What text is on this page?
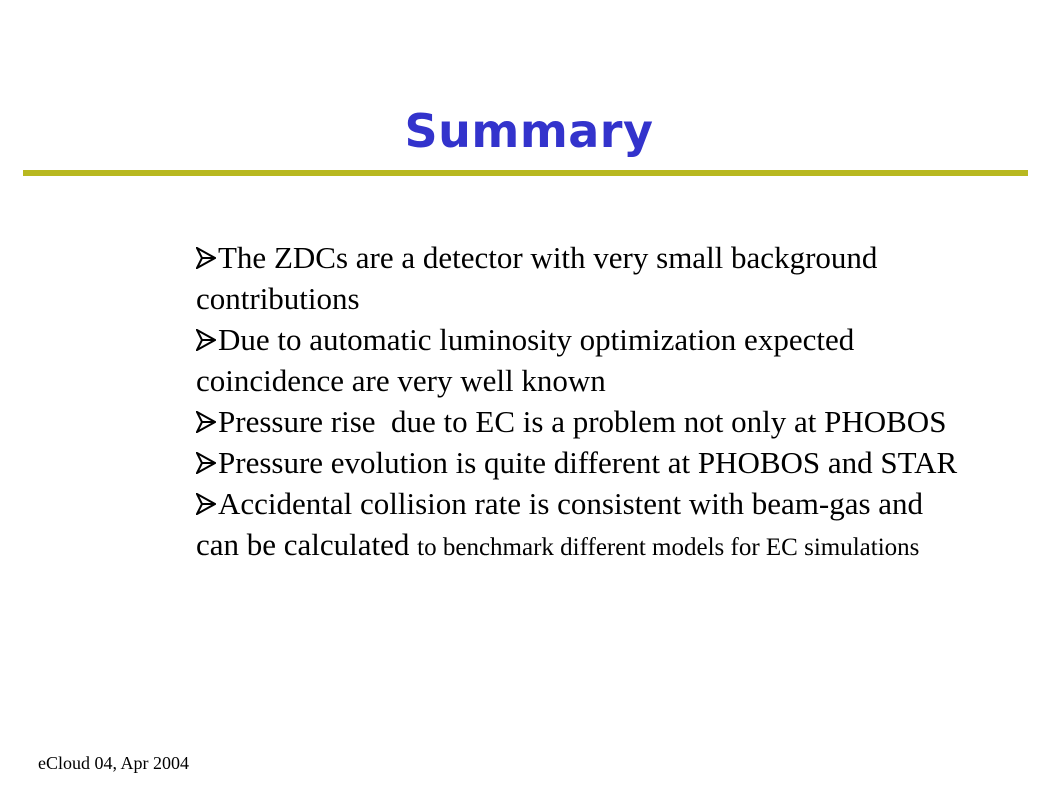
Summary
The ZDCs are a detector with very small background contributions
Due to automatic luminosity optimization expected coincidence are very well known
Pressure rise  due to EC is a problem not only at PHOBOS
Pressure evolution is quite different at PHOBOS and STAR
Accidental collision rate is consistent with beam-gas and can be calculated to benchmark different models for EC simulations

eCloud 04, Apr 2004
